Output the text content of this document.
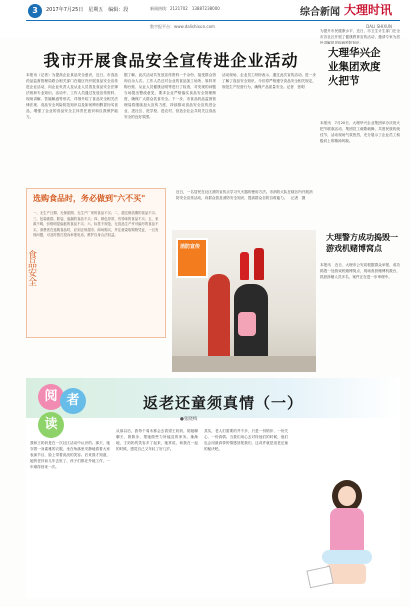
3	2017年7月25日　星期五　编辑：段	新闻热线：2121702　13887238000	综合新闻 大理时讯
数字报平台：www.dalishixun.com	DALI SHIXUN
我市开展食品安全宣传进企业活动
本报讯（记者）为提高企业食品安全意识，近日，市食品药品监督管理局联合相关部门在辖区内开展食品安全宣传进企业活动，向企业负责人及从业人员普及食品安全法律法规和专业知识。活动中，工作人员通过发放宣传资料、现场讲解、答疑解惑等形式，详细介绍了食品安全相关法律法规、食品安全风险防范知识以及如何辨别假冒伪劣食品，增强了企业的食品安全主体责任意识和自我保护能力。
据了解，此次活动共发放宣传资料一千余份，接受群众咨询百余人次。工作人员还对企业的食品加工场所、原料采购台账、从业人员健康证明等进行了检查，对发现的问题当场提出整改意见，要求企业严格落实食品安全管理制度，确保广大群众饮食安全。下一步，市食品药品监督管理局将继续加大宣传力度，持续推动食品安全宣传进企业、进社区、进学校、进农村，营造全社会共同关注食品安全的良好氛围。
活动现场，企业员工纷纷表示，通过此次宣传活动，进一步了解了食品安全知识，今后将严格遵守食品安全相关规定，规范生产经营行为，确保产品质量安全。记者　张明
选购食品时，务必做到"六不买"
一、无生产日期、无保质期、无生产厂家的食品不买；二、超过保质期的食品不买；三、包装破损、胀袋、渗漏的食品不买；四、颜色异常、有异味的食品不买；五、来源不明、价格明显偏低的食品不买；六、标签不规范、无食品生产许可编号的食品不买。消费者在选购食品时，应到正规超市、商场购买，并注意索取购物凭证，一旦发现问题，可及时拨打投诉举报电话，维护自身合法权益。
食品安全
近日，一名居民在社区消防宣传点学习灭火器的使用方法。市消防大队在辖区内开展消防安全宣传活动，向群众普及消防安全知识，提高群众自防自救能力。　记者　摄
消防宣传
为提升市民健康水平，近日，市卫生计生部门在全市各社区开展了健康教育宣传活动，邀请专家为居民讲解常见疾病预防知识。
大理华兴企业集团欢度火把节
本报讯　7月20日，大理华兴企业集团举办庆祝火把节联欢活动，集团员工载歌载舞，共度民族传统佳节，活动现场气氛热烈，充分展示了企业员工积极向上的精神风貌。
大理警方成功捣毁一游戏机赌博窝点
本报讯　近日，大理市公安局根据群众举报，成功捣毁一处游戏机赌博窝点，现场查获赌博机数台，抓获涉赌人员多名，案件正在进一步审理中。
阅 者
读
返老还童须真情（一）
●张晓梅
我和王奶奶是在一次社区活动中认识的。那天，她穿着一身素雅的衣服，坐在角落里安静地看着大家表演节目，脸上带着淡淡的笑容。后来我才知道，她的老伴前几年去世了，孩子们都在外地工作，一年难得回来一次。
从那以后，我每个周末都会去看望王奶奶，陪她聊聊天、散散步，帮她做些力所能及的家务。渐渐地，王奶奶的笑容多了起来，她常说，和我在一起的时候，感觉自己又年轻了好几岁。
其实，老人们需要的并不多，只是一份陪伴、一份关心、一份真情。当我们用心去对待他们的时候，他们也会用最真挚的情感回报我们，这或许就是返老还童的秘诀吧。
